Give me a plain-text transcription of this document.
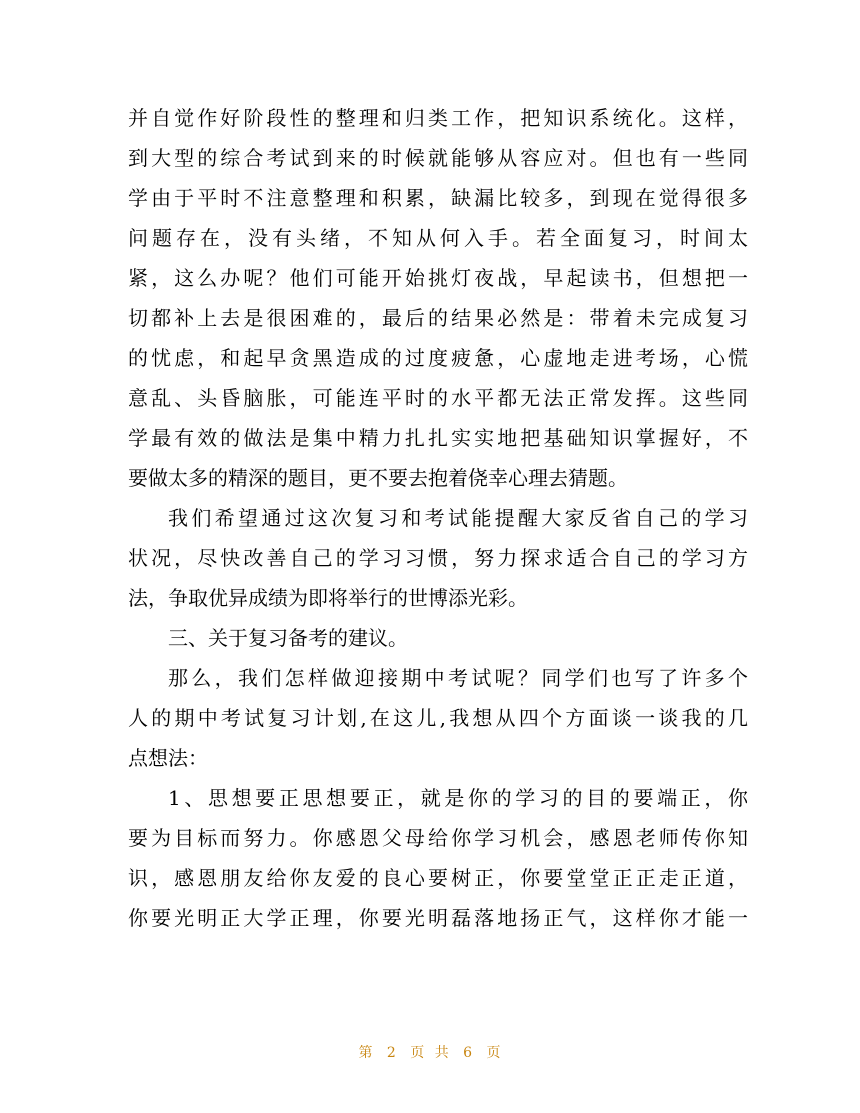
并自觉作好阶段性的整理和归类工作，把知识系统化。这样，
到大型的综合考试到来的时候就能够从容应对。但也有一些同
学由于平时不注意整理和积累，缺漏比较多，到现在觉得很多
问题存在，没有头绪，不知从何入手。若全面复习，时间太
紧，这么办呢？他们可能开始挑灯夜战，早起读书，但想把一
切都补上去是很困难的，最后的结果必然是：带着未完成复习
的忧虑，和起早贪黑造成的过度疲惫，心虚地走进考场，心慌
意乱、头昏脑胀，可能连平时的水平都无法正常发挥。这些同
学最有效的做法是集中精力扎扎实实地把基础知识掌握好，不
要做太多的精深的题目，更不要去抱着侥幸心理去猜题。
我们希望通过这次复习和考试能提醒大家反省自己的学习
状况，尽快改善自己的学习习惯，努力探求适合自己的学习方
法，争取优异成绩为即将举行的世博添光彩。
三、关于复习备考的建议。
那么，我们怎样做迎接期中考试呢？同学们也写了许多个
人的期中考试复习计划,在这儿,我想从四个方面谈一谈我的几
点想法：
1、思想要正思想要正，就是你的学习的目的要端正，你
要为目标而努力。你感恩父母给你学习机会，感恩老师传你知
识，感恩朋友给你友爱的良心要树正，你要堂堂正正走正道，
你要光明正大学正理，你要光明磊落地扬正气，这样你才能一
第 2 页 共 6 页
